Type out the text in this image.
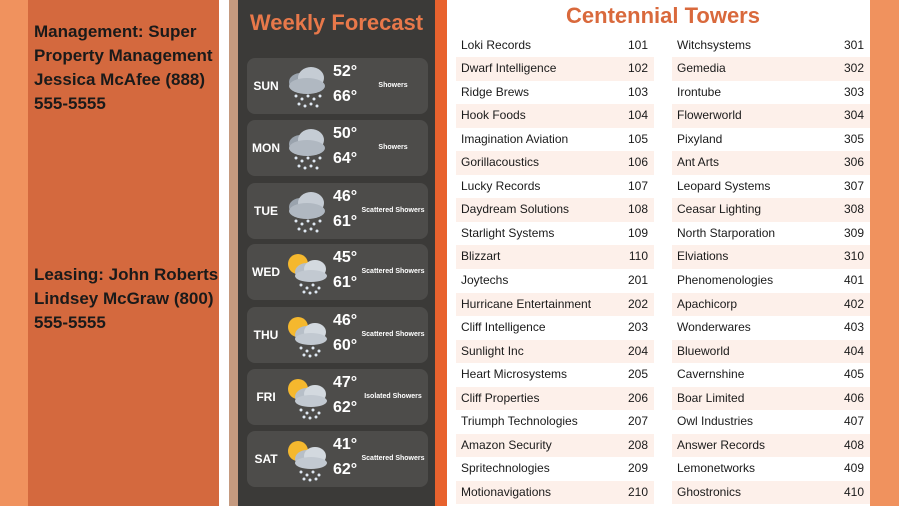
Management: Super Property Management Jessica McAfee (888) 555-5555
Leasing: John Roberts Lindsey McGraw (800) 555-5555
Weekly Forecast
SUN
52°
66°
Showers
MON
50°
64°
Showers
TUE
46°
61°
Scattered Showers
WED
45°
61°
Scattered Showers
THU
46°
60°
Scattered Showers
FRI
47°
62°
Isolated Showers
SAT
41°
62°
Scattered Showers
Centennial Towers
Loki Records	101
Dwarf Intelligence	102
Ridge Brews	103
Hook Foods	104
Imagination Aviation	105
Gorillacoustics	106
Lucky Records	107
Daydream Solutions	108
Starlight Systems	109
Blizzart	110
Joytechs	201
Hurricane Entertainment	202
Cliff Intelligence	203
Sunlight Inc	204
Heart Microsystems	205
Cliff Properties	206
Triumph Technologies	207
Amazon Security	208
Spritechnologies	209
Motionavigations	210
Witchsystems	301
Gemedia	302
Irontube	303
Flowerworld	304
Pixyland	305
Ant Arts	306
Leopard Systems	307
Ceasar Lighting	308
North Starporation	309
Elviations	310
Phenomenologies	401
Apachicorp	402
Wonderwares	403
Blueworld	404
Cavernshine	405
Boar Limited	406
Owl Industries	407
Answer Records	408
Lemonetworks	409
Ghostronics	410
